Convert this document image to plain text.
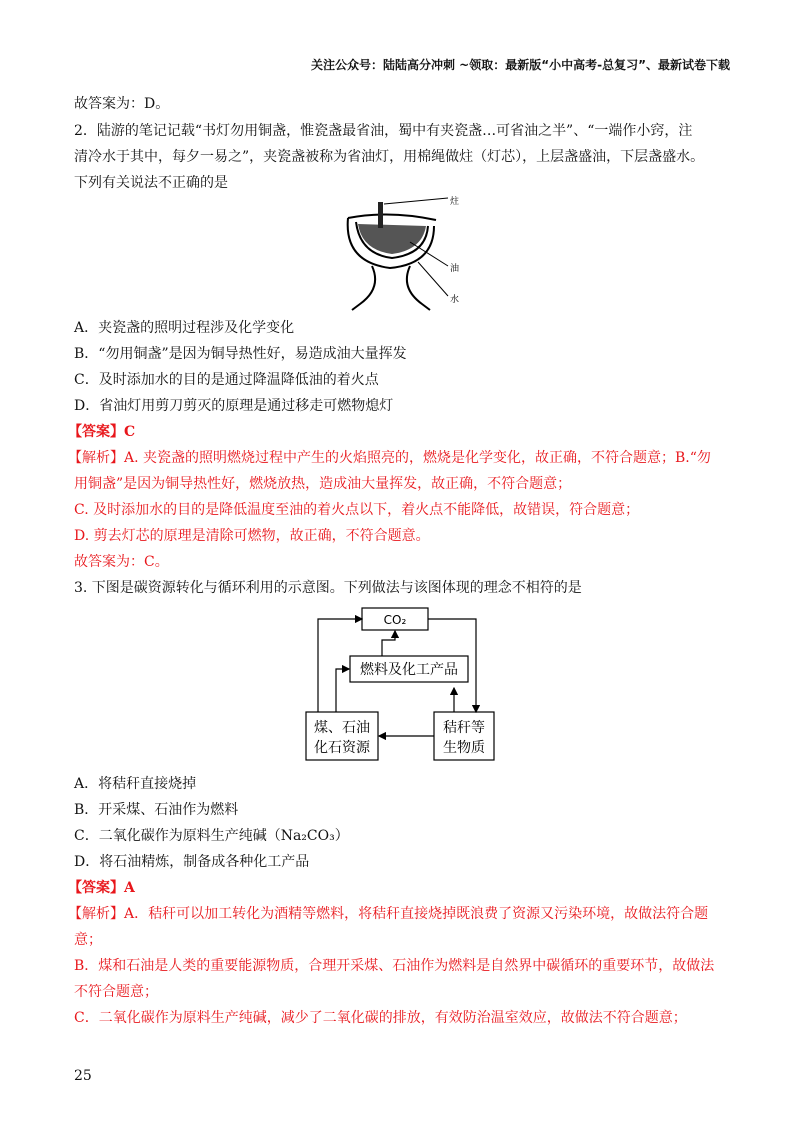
关注公众号：陆陆高分冲刺 ~领取：最新版“小中高考-总复习”、最新试卷下载
故答案为：D。
2．陆游的笔记记载“书灯勿用铜盏，惟瓷盏最省油，蜀中有夹瓷盏…可省油之半”、“一端作小窍，注
清冷水于其中，每夕一易之”，夹瓷盏被称为省油灯，用棉绳做炷（灯芯），上层盏盛油，下层盏盛水。
下列有关说法不正确的是
炷
油
水
A．夹瓷盏的照明过程涉及化学变化
B．“勿用铜盏”是因为铜导热性好，易造成油大量挥发
C．及时添加水的目的是通过降温降低油的着火点
D．省油灯用剪刀剪灭的原理是通过移走可燃物熄灯
【答案】C
【解析】A. 夹瓷盏的照明燃烧过程中产生的火焰照亮的，燃烧是化学变化，故正确，不符合题意；B.“勿
用铜盏”是因为铜导热性好，燃烧放热，造成油大量挥发，故正确，不符合题意；
C. 及时添加水的目的是降低温度至油的着火点以下，着火点不能降低，故错误，符合题意；
D. 剪去灯芯的原理是清除可燃物，故正确，不符合题意。
故答案为：C。
3. 下图是碳资源转化与循环利用的示意图。下列做法与该图体现的理念不相符的是
CO₂
燃料及化工产品
煤、石油
化石资源
秸秆等
生物质
A．将秸秆直接烧掉
B．开采煤、石油作为燃料
C．二氧化碳作为原料生产纯碱（Na₂CO₃）
D．将石油精炼，制备成各种化工产品
【答案】A
【解析】A．秸秆可以加工转化为酒精等燃料，将秸秆直接烧掉既浪费了资源又污染环境，故做法符合题
意；
B．煤和石油是人类的重要能源物质，合理开采煤、石油作为燃料是自然界中碳循环的重要环节，故做法
不符合题意；
C．二氧化碳作为原料生产纯碱，减少了二氧化碳的排放，有效防治温室效应，故做法不符合题意；
25
